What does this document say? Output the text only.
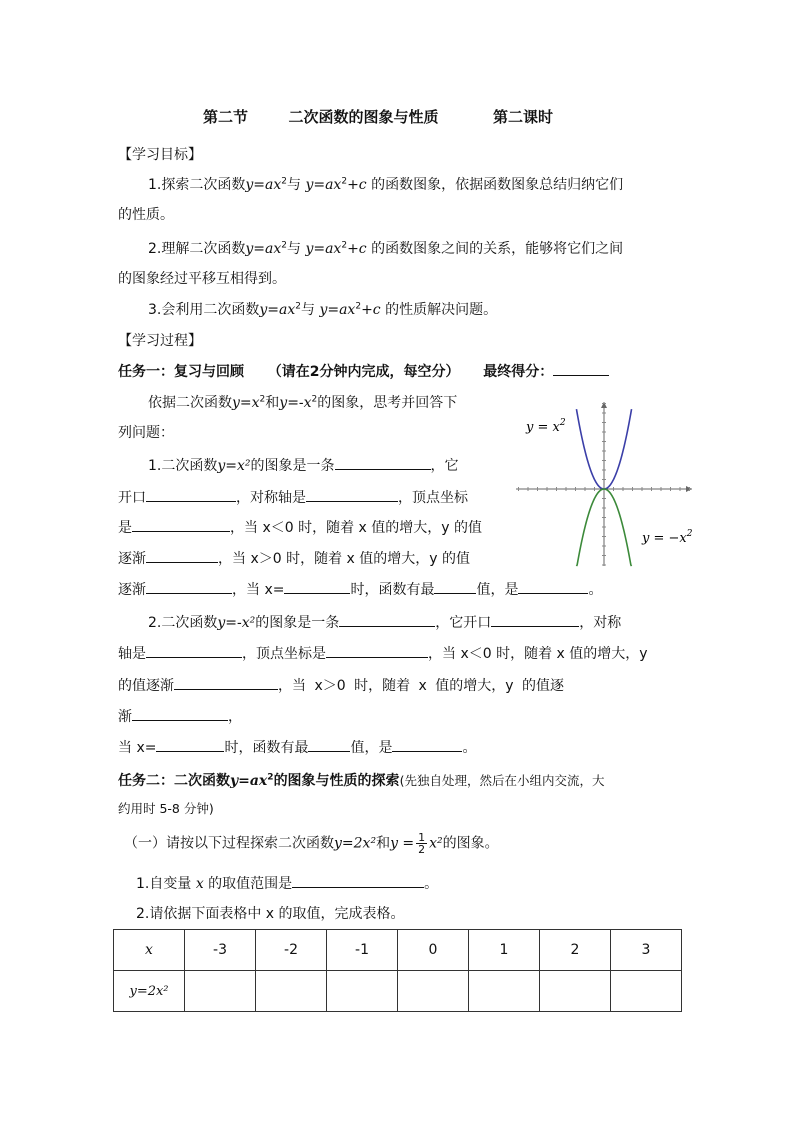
第二节	二次函数的图象与性质	第二课时
【学习目标】
1.探索二次函数$y=ax^2$与 $y=ax^2+c$ 的函数图象，依据函数图象总结归纳它们
的性质。
2.理解二次函数$y=ax^2$与 $y=ax^2+c$ 的函数图象之间的关系，能够将它们之间
的图象经过平移互相得到。
3.会利用二次函数$y=ax^2$与 $y=ax^2+c$ 的性质解决问题。
【学习过程】
任务一：复习与回顾 （请在2分钟内完成，每空分） 最终得分：
依据二次函数$y=x^2$和$y=-x^2$的图象，思考并回答下
列问题：
1.二次函数y=x²的图象是一条	，它
开口	，对称轴是	，顶点坐标
是	，当 x＜0 时，随着 x 值的增大，y 的值
逐渐	，当 x＞0 时，随着 x 值的增大，y 的值
逐渐	，当 x=	时，函数有最	值，是	。
2.二次函数y=-x²的图象是一条	，它开口	，对称
轴是	，顶点坐标是	，当 x＜0 时，随着 x 值的增大，y
的值逐渐	，当 x＞0 时，随着 x 值的增大，y 的值逐
渐	，
当 x=	时，函数有最	值，是	。
$y = x^2$
$y = -x^2$
任务二：二次函数$y=ax^2$的图象与性质的探索(先独自处理，然后在小组内交流，大
约用时 5-8 分钟)
（一）请按以下过程探索二次函数y=2x²和$y = \frac{1}{2} x^2$的图象。
1.自变量 x 的取值范围是	。
2.请依据下面表格中 x 的取值，完成表格。
x	-3	-2	-1	0	1	2	3
y=2x²							
